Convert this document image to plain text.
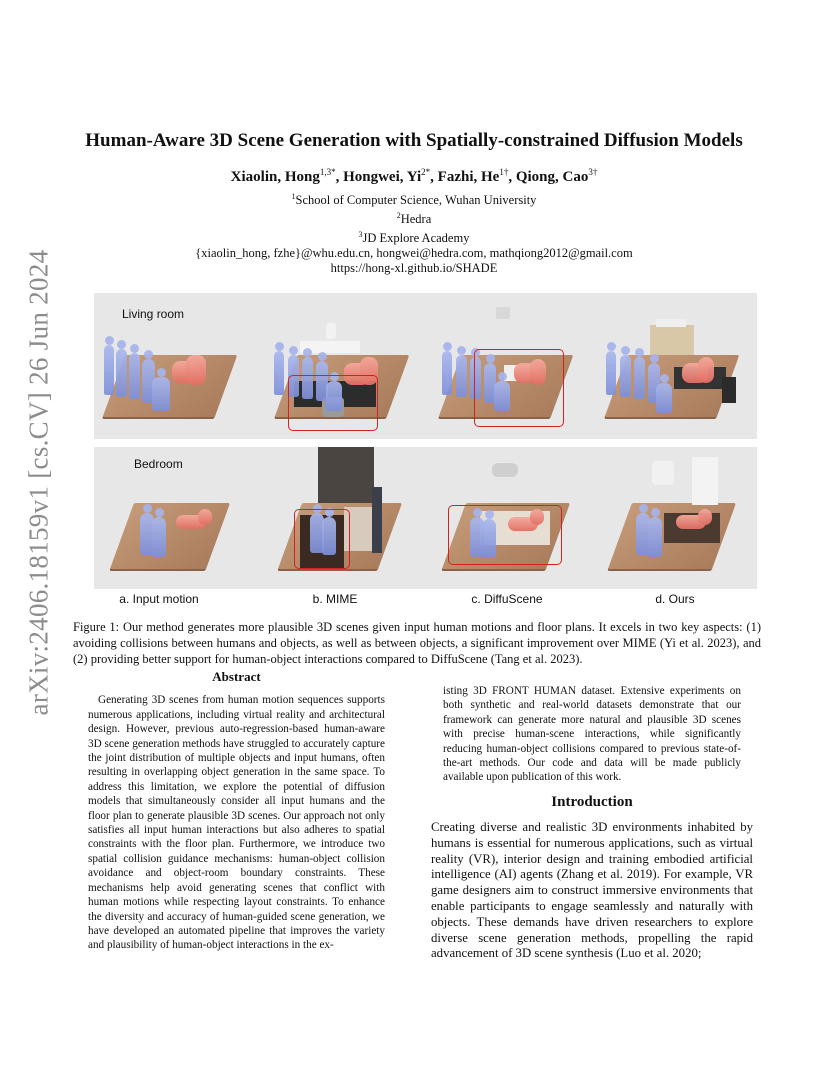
arXiv:2406.18159v1 [cs.CV] 26 Jun 2024
Human-Aware 3D Scene Generation with Spatially-constrained Diffusion Models
Xiaolin, Hong$^{1,3*}$, Hongwei, $Yi^{2*}$, Fazhi, $He^{1\dagger}$, Qiong, Cao$^{3\dagger}$
$^1$School of Computer Science, Wuhan University
$^2$Hedra
$^3$JD Explore Academy
{xiaolin_hong, fzhe}@whu.edu.cn, hongwei@hedra.com, mathqiong2012@gmail.com
https://hong-xl.github.io/SHADE
Living room
Bedroom
a. Input motion	b. MIME	c. DiffuScene	d. Ours
Figure 1: Our method generates more plausible 3D scenes given input human motions and floor plans. It excels in two key aspects: (1) avoiding collisions between humans and objects, as well as between objects, a significant improvement over MIME (Yi et al. 2023), and (2) providing better support for human-object interactions compared to DiffuScene (Tang et al. 2023).
Abstract

Generating 3D scenes from human motion sequences supports numerous applications, including virtual reality and architectural design. However, previous auto-regression-based human-aware 3D scene generation methods have struggled to accurately capture the joint distribution of multiple objects and input humans, often resulting in overlapping object generation in the same space. To address this limitation, we explore the potential of diffusion models that simultaneously consider all input humans and the floor plan to generate plausible 3D scenes. Our approach not only satisfies all input human interactions but also adheres to spatial constraints with the floor plan. Furthermore, we introduce two spatial collision guidance mechanisms: human-object collision avoidance and object-room boundary constraints. These mechanisms help avoid generating scenes that conflict with human motions while respecting layout constraints. To enhance the diversity and accuracy of human-guided scene generation, we have developed an automated pipeline that improves the variety and plausibility of human-object interactions in the ex-

isting 3D FRONT HUMAN dataset. Extensive experiments on both synthetic and real-world datasets demonstrate that our framework can generate more natural and plausible 3D scenes with precise human-scene interactions, while significantly reducing human-object collisions compared to previous state-of-the-art methods. Our code and data will be made publicly available upon publication of this work.

Introduction

Creating diverse and realistic 3D environments inhabited by humans is essential for numerous applications, such as virtual reality (VR), interior design and training embodied artificial intelligence (AI) agents (Zhang et al. 2019). For example, VR game designers aim to construct immersive environments that enable participants to engage seamlessly and naturally with objects. These demands have driven researchers to explore diverse scene generation methods, propelling the rapid advancement of 3D scene synthesis (Luo et al. 2020;
